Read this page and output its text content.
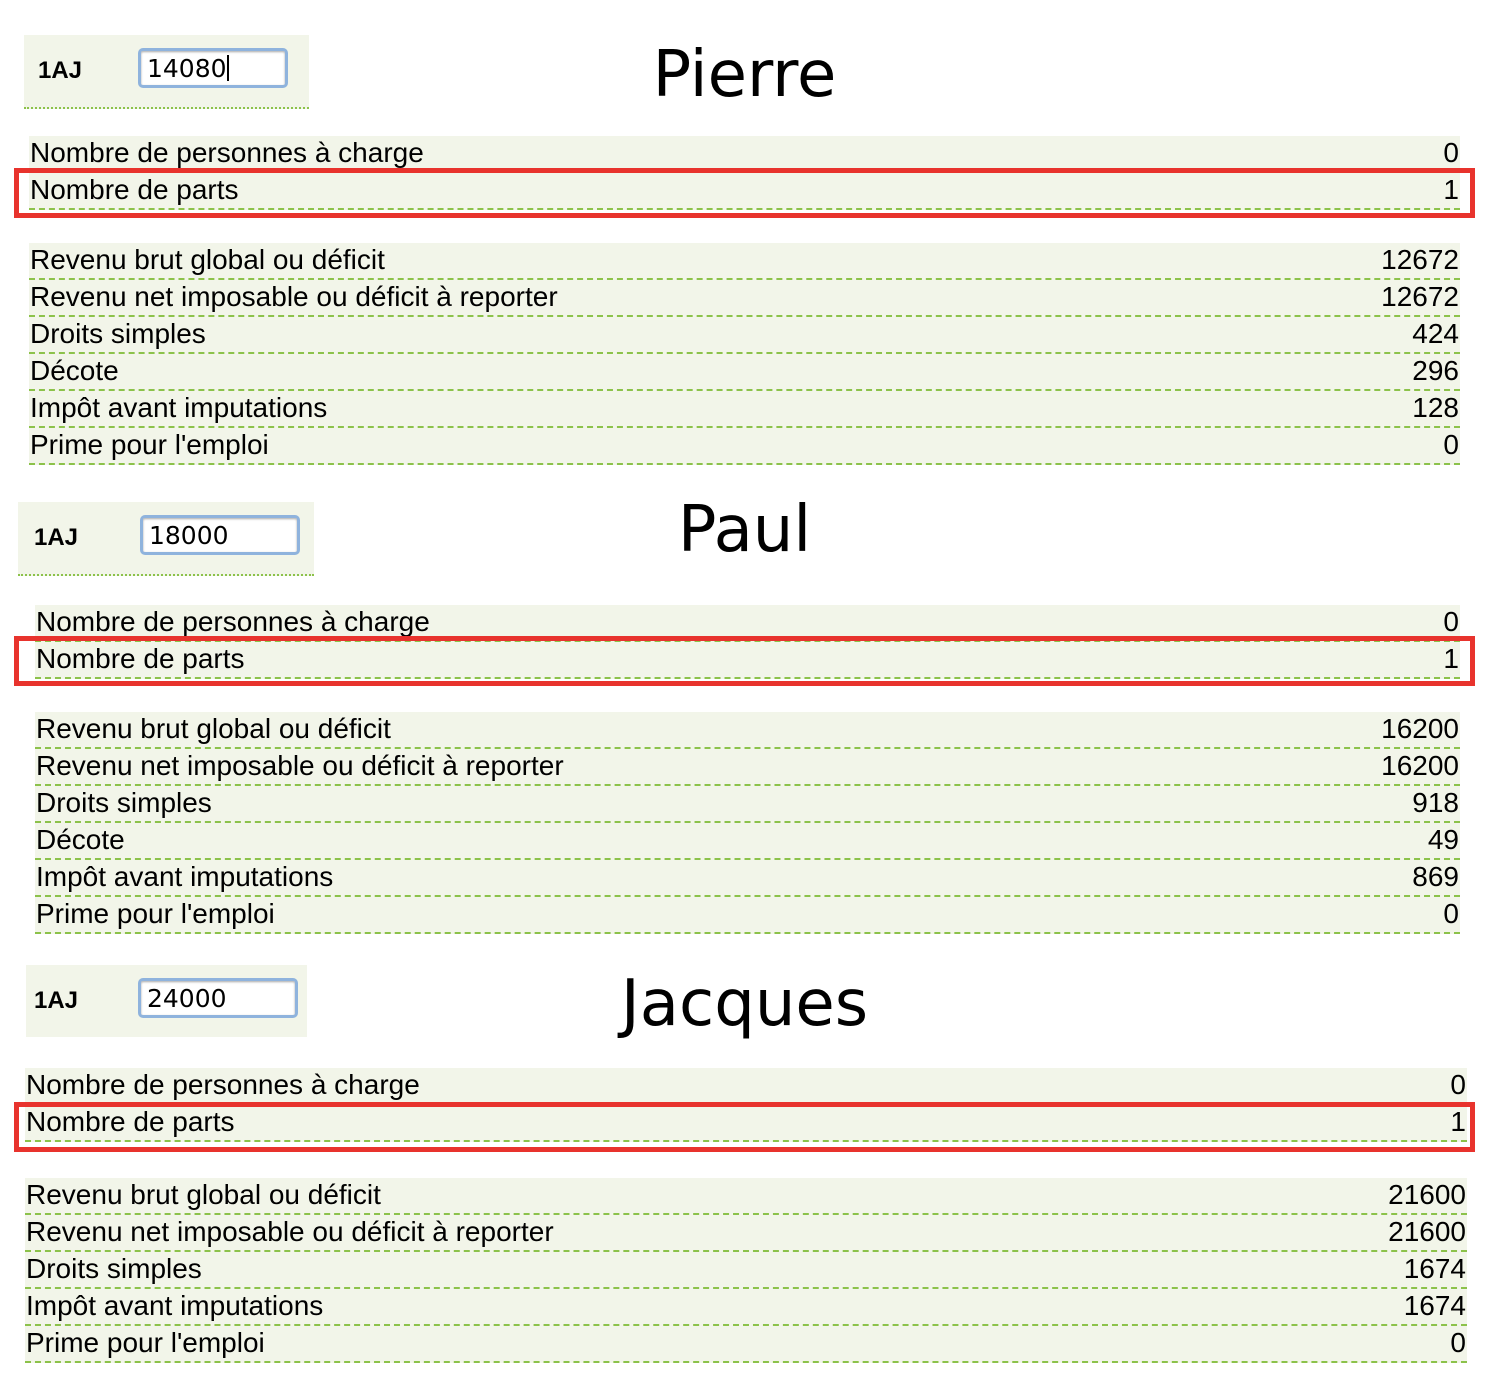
1AJ	14080	Pierre
Nombre de personnes à charge	0
Nombre de parts	1
Revenu brut global ou déficit	12672
Revenu net imposable ou déficit à reporter	12672
Droits simples	424
Décote	296
Impôt avant imputations	128
Prime pour l'emploi	0
1AJ	18000	Paul
Nombre de personnes à charge	0
Nombre de parts	1
Revenu brut global ou déficit	16200
Revenu net imposable ou déficit à reporter	16200
Droits simples	918
Décote	49
Impôt avant imputations	869
Prime pour l'emploi	0
1AJ	24000	Jacques
Nombre de personnes à charge	0
Nombre de parts	1
Revenu brut global ou déficit	21600
Revenu net imposable ou déficit à reporter	21600
Droits simples	1674
Impôt avant imputations	1674
Prime pour l'emploi	0
